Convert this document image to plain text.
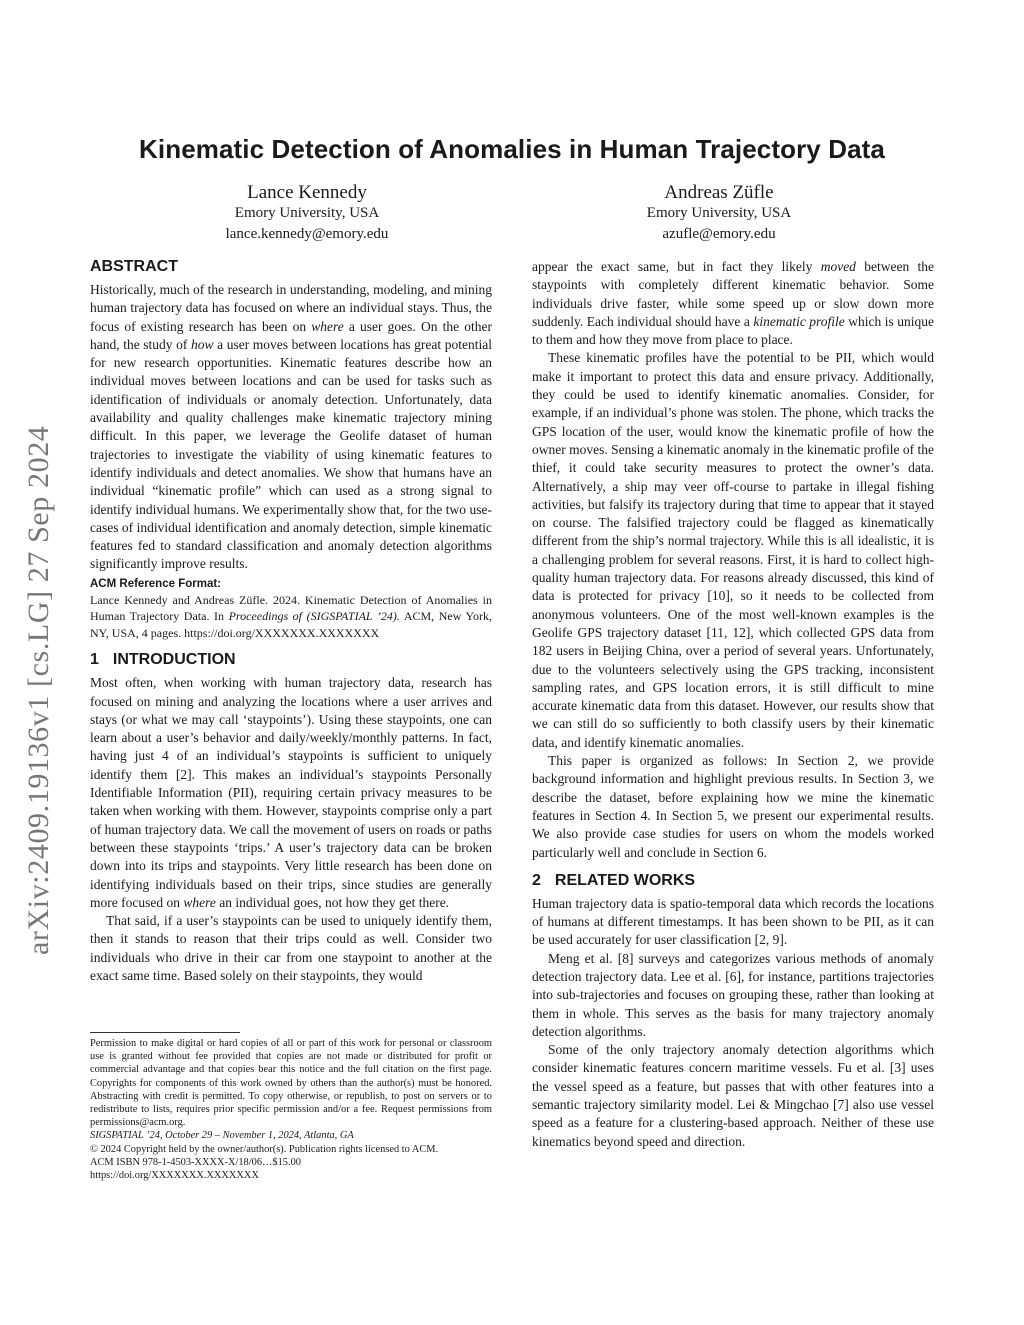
arXiv:2409.19136v1 [cs.LG] 27 Sep 2024
Kinematic Detection of Anomalies in Human Trajectory Data
Lance Kennedy
Emory University, USA
lance.kennedy@emory.edu
Andreas Züfle
Emory University, USA
azufle@emory.edu
ABSTRACT

Historically, much of the research in understanding, modeling, and mining human trajectory data has focused on where an individual stays. Thus, the focus of existing research has been on where a user goes. On the other hand, the study of how a user moves between locations has great potential for new research opportunities. Kinematic features describe how an individual moves between locations and can be used for tasks such as identification of individuals or anomaly detection. Unfortunately, data availability and quality challenges make kinematic trajectory mining difficult. In this paper, we leverage the Geolife dataset of human trajectories to investigate the viability of using kinematic features to identify individuals and detect anomalies. We show that humans have an individual “kinematic profile” which can used as a strong signal to identify individual humans. We experimentally show that, for the two use-cases of individual identification and anomaly detection, simple kinematic features fed to standard classification and anomaly detection algorithms significantly improve results.

ACM Reference Format:

Lance Kennedy and Andreas Züfle. 2024. Kinematic Detection of Anomalies in Human Trajectory Data. In Proceedings of (SIGSPATIAL ’24). ACM, New York, NY, USA, 4 pages. https://doi.org/XXXXXXX.XXXXXXX

1 INTRODUCTION

Most often, when working with human trajectory data, research has focused on mining and analyzing the locations where a user arrives and stays (or what we may call ‘staypoints’). Using these staypoints, one can learn about a user’s behavior and daily/weekly/monthly patterns. In fact, having just 4 of an individual’s staypoints is sufficient to uniquely identify them [2]. This makes an individual’s staypoints Personally Identifiable Information (PII), requiring certain privacy measures to be taken when working with them. However, staypoints comprise only a part of human trajectory data. We call the movement of users on roads or paths between these staypoints ‘trips.’ A user’s trajectory data can be broken down into its trips and staypoints. Very little research has been done on identifying individuals based on their trips, since studies are generally more focused on where an individual goes, not how they get there.

That said, if a user’s staypoints can be used to uniquely identify them, then it stands to reason that their trips could as well. Consider two individuals who drive in their car from one staypoint to another at the exact same time. Based solely on their staypoints, they would

Permission to make digital or hard copies of all or part of this work for personal or classroom use is granted without fee provided that copies are not made or distributed for profit or commercial advantage and that copies bear this notice and the full citation on the first page. Copyrights for components of this work owned by others than the author(s) must be honored. Abstracting with credit is permitted. To copy otherwise, or republish, to post on servers or to redistribute to lists, requires prior specific permission and/or a fee. Request permissions from permissions@acm.org.

SIGSPATIAL ’24, October 29 – November 1, 2024, Atlanta, GA

© 2024 Copyright held by the owner/author(s). Publication rights licensed to ACM.

ACM ISBN 978-1-4503-XXXX-X/18/06…$15.00

https://doi.org/XXXXXXX.XXXXXXX

appear the exact same, but in fact they likely moved between the staypoints with completely different kinematic behavior. Some individuals drive faster, while some speed up or slow down more suddenly. Each individual should have a kinematic profile which is unique to them and how they move from place to place.

These kinematic profiles have the potential to be PII, which would make it important to protect this data and ensure privacy. Additionally, they could be used to identify kinematic anomalies. Consider, for example, if an individual’s phone was stolen. The phone, which tracks the GPS location of the user, would know the kinematic profile of how the owner moves. Sensing a kinematic anomaly in the kinematic profile of the thief, it could take security measures to protect the owner’s data. Alternatively, a ship may veer off-course to partake in illegal fishing activities, but falsify its trajectory during that time to appear that it stayed on course. The falsified trajectory could be flagged as kinematically different from the ship’s normal trajectory. While this is all idealistic, it is a challenging problem for several reasons. First, it is hard to collect high-quality human trajectory data. For reasons already discussed, this kind of data is protected for privacy [10], so it needs to be collected from anonymous volunteers. One of the most well-known examples is the Geolife GPS trajectory dataset [11, 12], which collected GPS data from 182 users in Beijing China, over a period of several years. Unfortunately, due to the volunteers selectively using the GPS tracking, inconsistent sampling rates, and GPS location errors, it is still difficult to mine accurate kinematic data from this dataset. However, our results show that we can still do so sufficiently to both classify users by their kinematic data, and identify kinematic anomalies.

This paper is organized as follows: In Section 2, we provide background information and highlight previous results. In Section 3, we describe the dataset, before explaining how we mine the kinematic features in Section 4. In Section 5, we present our experimental results. We also provide case studies for users on whom the models worked particularly well and conclude in Section 6.

2 RELATED WORKS

Human trajectory data is spatio-temporal data which records the locations of humans at different timestamps. It has been shown to be PII, as it can be used accurately for user classification [2, 9].

Meng et al. [8] surveys and categorizes various methods of anomaly detection trajectory data. Lee et al. [6], for instance, partitions trajectories into sub-trajectories and focuses on grouping these, rather than looking at them in whole. This serves as the basis for many trajectory anomaly detection algorithms.

Some of the only trajectory anomaly detection algorithms which consider kinematic features concern maritime vessels. Fu et al. [3] uses the vessel speed as a feature, but passes that with other features into a semantic trajectory similarity model. Lei & Mingchao [7] also use vessel speed as a feature for a clustering-based approach. Neither of these use kinematics beyond speed and direction.
